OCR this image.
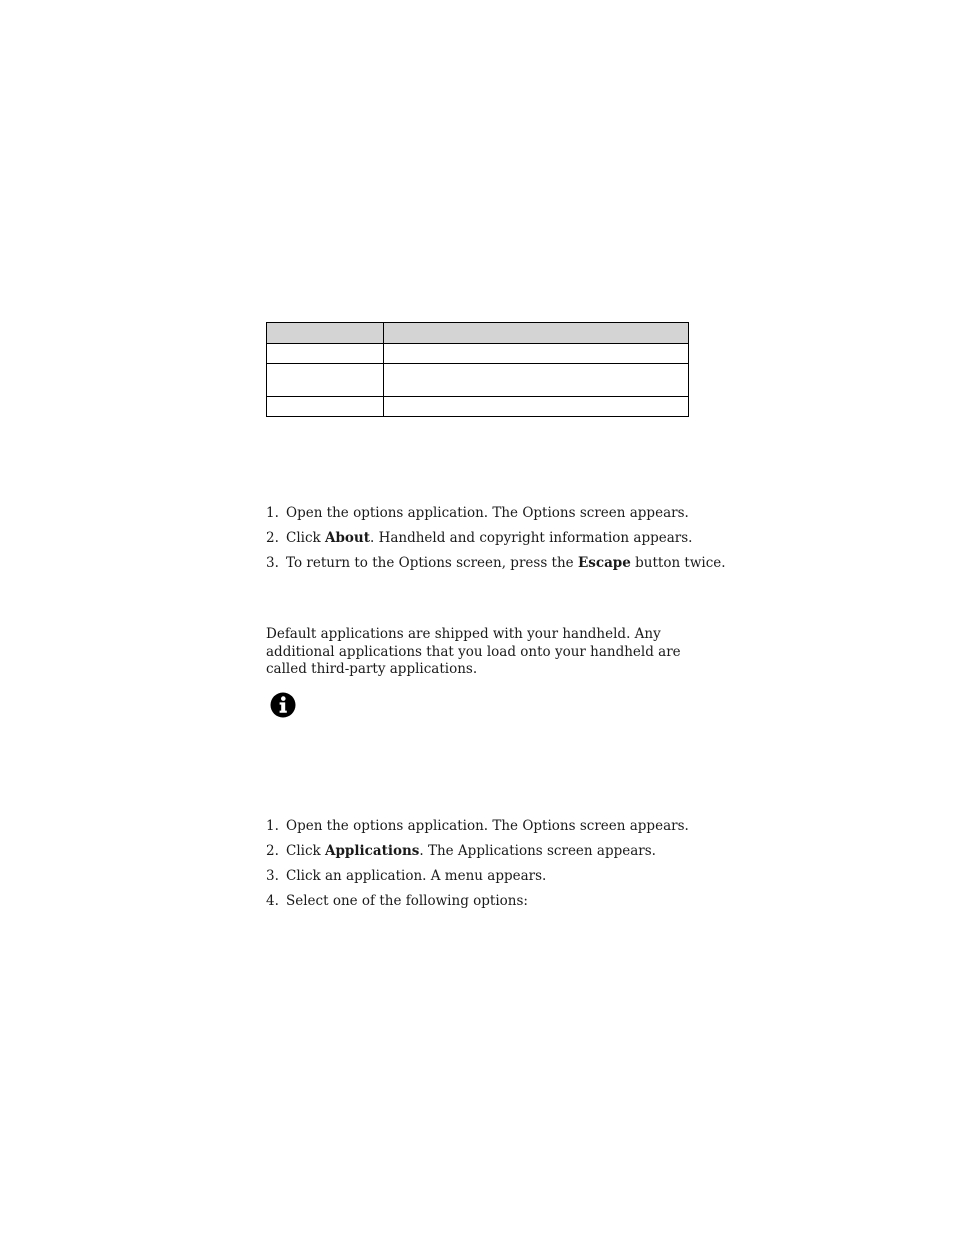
1. Open the options application. The Options screen appears.
2. Click About. Handheld and copyright information appears.
3. To return to the Options screen, press the Escape button twice.

Default applications are shipped with your handheld. Any additional applications that you load onto your handheld are called third-party applications.

1. Open the options application. The Options screen appears.
2. Click Applications. The Applications screen appears.
3. Click an application. A menu appears.
4. Select one of the following options:
